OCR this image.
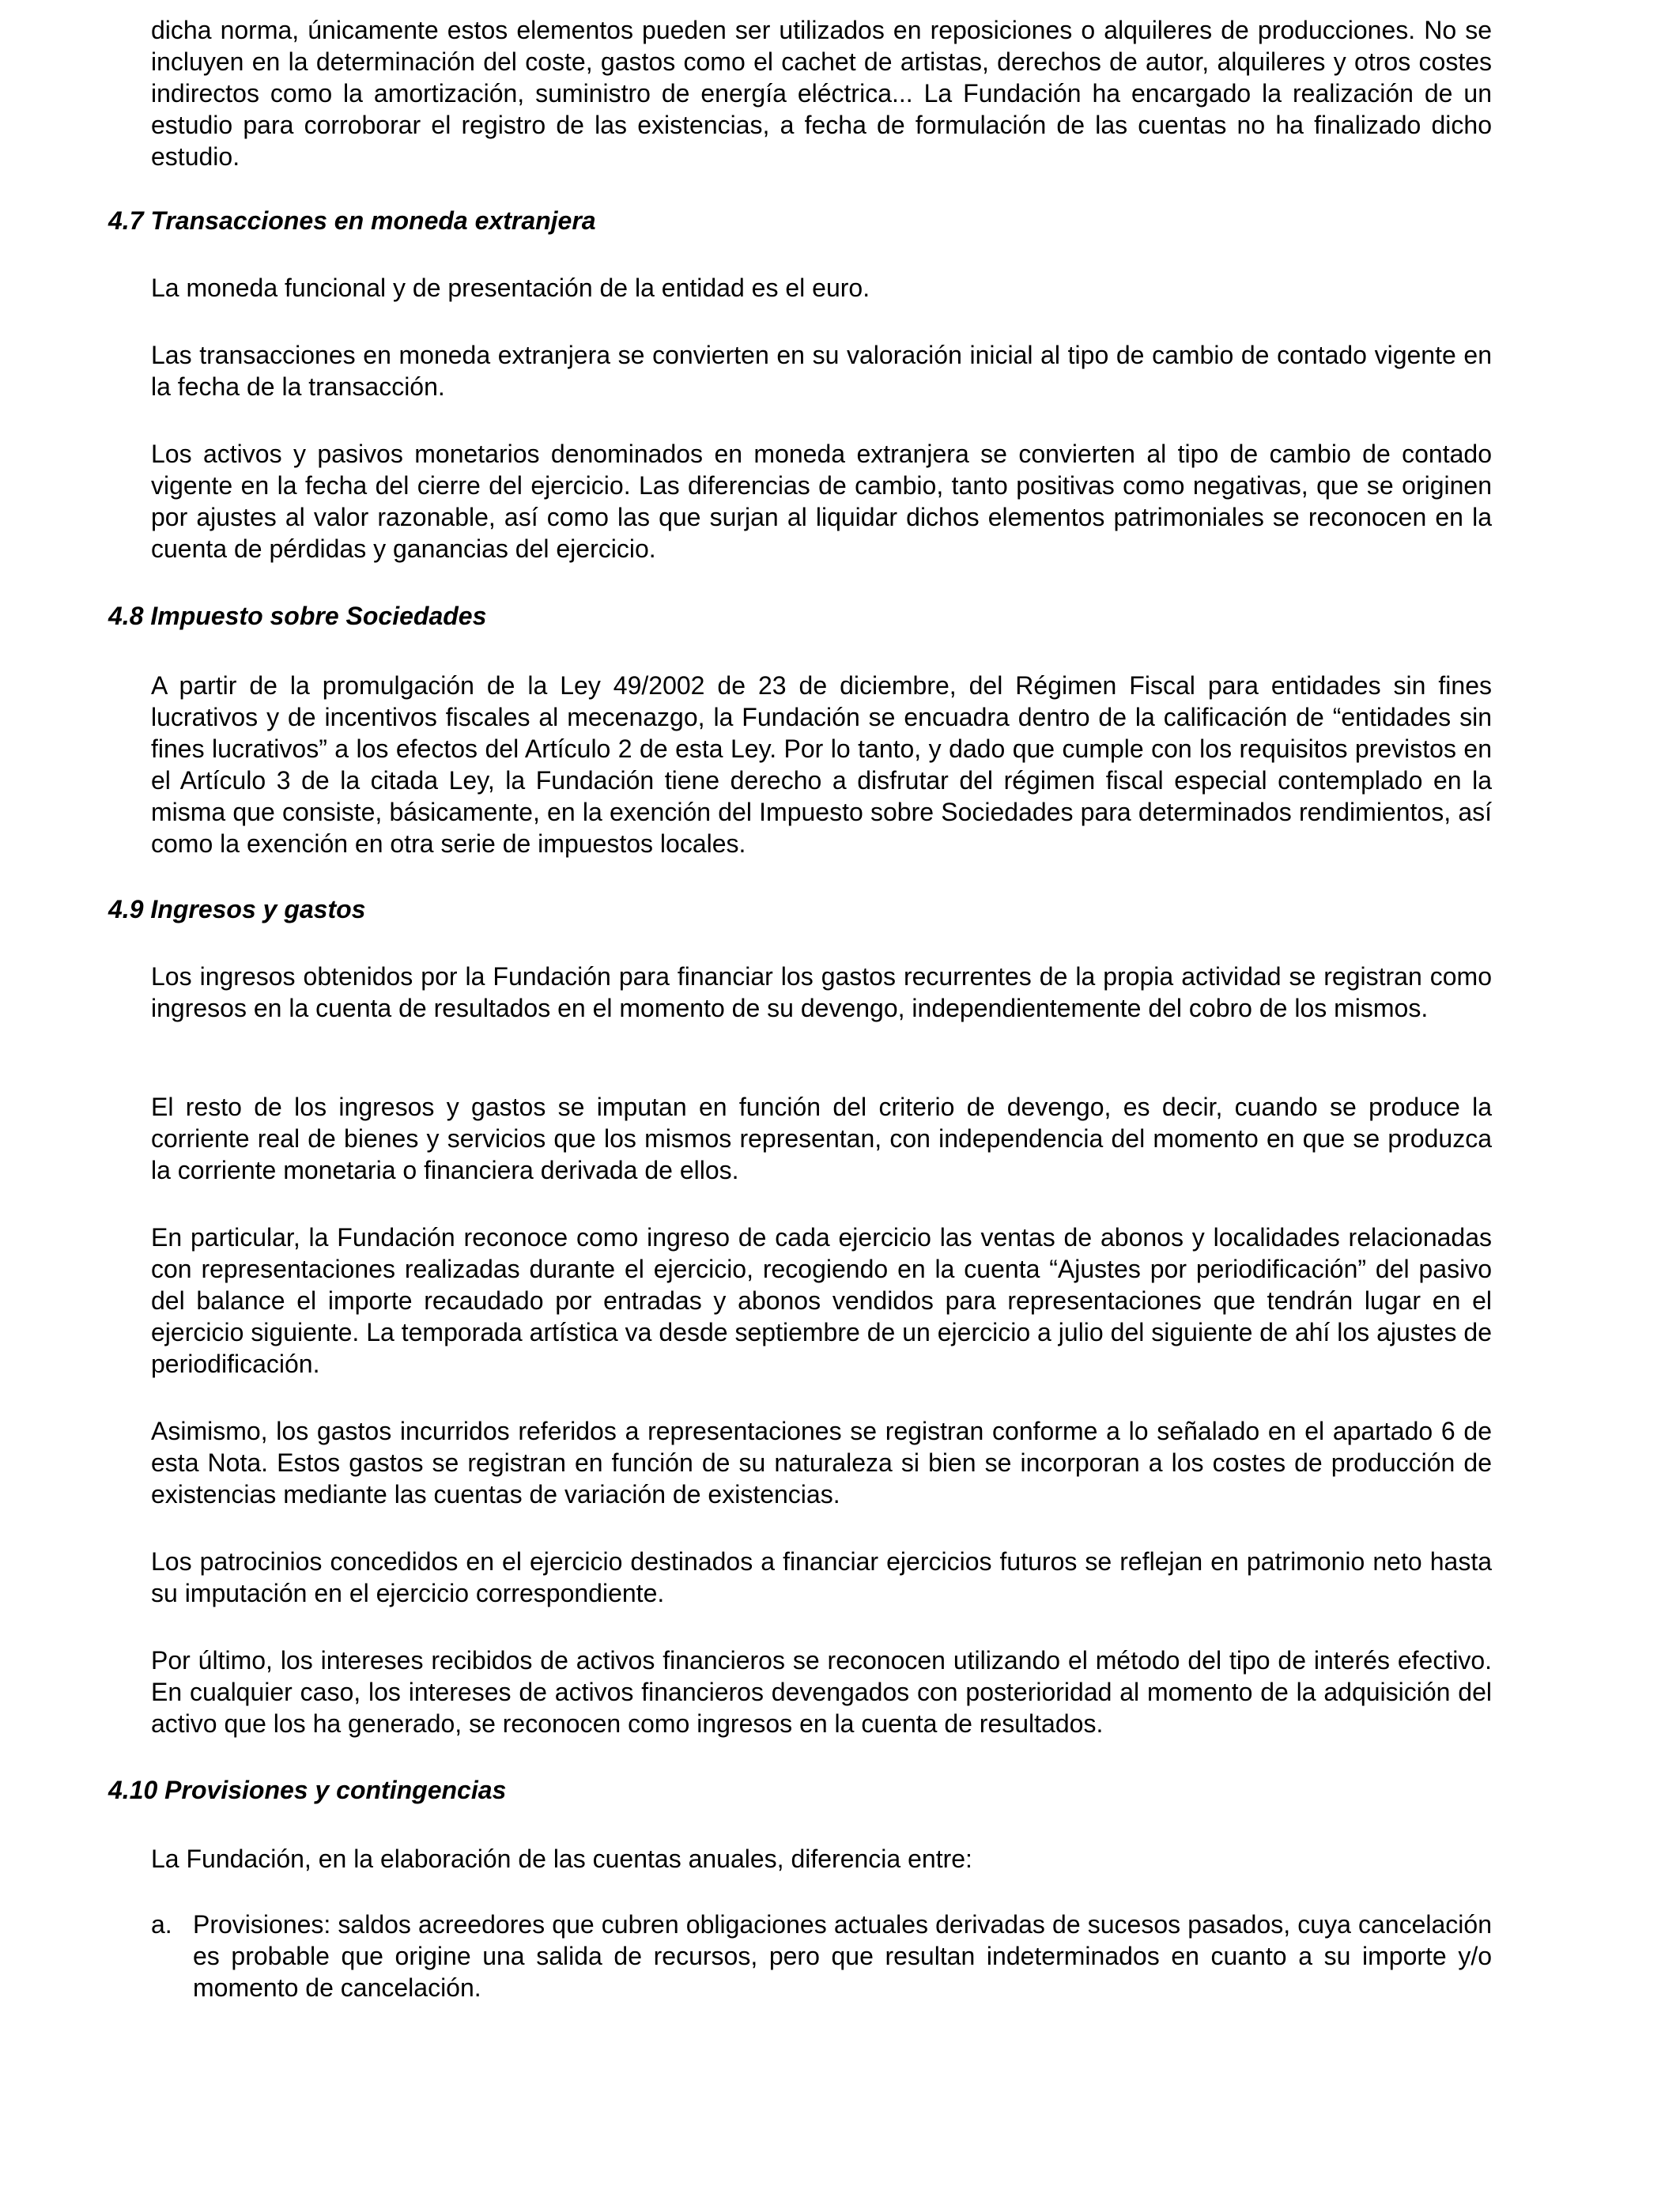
dicha norma, únicamente estos elementos pueden ser utilizados en reposiciones o alquileres de producciones. No se incluyen en la determinación del coste, gastos como el cachet de artistas, derechos de autor, alquileres y otros costes indirectos como la amortización, suministro de energía eléctrica... La Fundación ha encargado la realización de un estudio para corroborar el registro de las existencias, a fecha de formulación de las cuentas no ha finalizado dicho estudio.

4.7 Transacciones en moneda extranjera

La moneda funcional y de presentación de la entidad es el euro.

Las transacciones en moneda extranjera se convierten en su valoración inicial al tipo de cambio de contado vigente en la fecha de la transacción.

Los activos y pasivos monetarios denominados en moneda extranjera se convierten al tipo de cambio de contado vigente en la fecha del cierre del ejercicio. Las diferencias de cambio, tanto positivas como negativas, que se originen por ajustes al valor razonable, así como las que surjan al liquidar dichos elementos patrimoniales se reconocen en la cuenta de pérdidas y ganancias del ejercicio.

4.8 Impuesto sobre Sociedades

A partir de la promulgación de la Ley 49/2002 de 23 de diciembre, del Régimen Fiscal para entidades sin fines lucrativos y de incentivos fiscales al mecenazgo, la Fundación se encuadra dentro de la calificación de “entidades sin fines lucrativos” a los efectos del Artículo 2 de esta Ley. Por lo tanto, y dado que cumple con los requisitos previstos en el Artículo 3 de la citada Ley, la Fundación tiene derecho a disfrutar del régimen fiscal especial contemplado en la misma que consiste, básicamente, en la exención del Impuesto sobre Sociedades para determinados rendimientos, así como la exención en otra serie de impuestos locales.

4.9 Ingresos y gastos

Los ingresos obtenidos por la Fundación para financiar los gastos recurrentes de la propia actividad se registran como ingresos en la cuenta de resultados en el momento de su devengo, independientemente del cobro de los mismos.

El resto de los ingresos y gastos se imputan en función del criterio de devengo, es decir, cuando se produce la corriente real de bienes y servicios que los mismos representan, con independencia del momento en que se produzca la corriente monetaria o financiera derivada de ellos.

En particular, la Fundación reconoce como ingreso de cada ejercicio las ventas de abonos y localidades relacionadas con representaciones realizadas durante el ejercicio, recogiendo en la cuenta “Ajustes por periodificación” del pasivo del balance el importe recaudado por entradas y abonos vendidos para representaciones que tendrán lugar en el ejercicio siguiente. La temporada artística va desde septiembre de un ejercicio a julio del siguiente de ahí los ajustes de periodificación.

Asimismo, los gastos incurridos referidos a representaciones se registran conforme a lo señalado en el apartado 6 de esta Nota. Estos gastos se registran en función de su naturaleza si bien se incorporan a los costes de producción de existencias mediante las cuentas de variación de existencias.

Los patrocinios concedidos en el ejercicio destinados a financiar ejercicios futuros se reflejan en patrimonio neto hasta su imputación en el ejercicio correspondiente.

Por último, los intereses recibidos de activos financieros se reconocen utilizando el método del tipo de interés efectivo. En cualquier caso, los intereses de activos financieros devengados con posterioridad al momento de la adquisición del activo que los ha generado, se reconocen como ingresos en la cuenta de resultados.

4.10 Provisiones y contingencias

La Fundación, en la elaboración de las cuentas anuales, diferencia entre:

a. Provisiones: saldos acreedores que cubren obligaciones actuales derivadas de sucesos pasados, cuya cancelación es probable que origine una salida de recursos, pero que resultan indeterminados en cuanto a su importe y/o momento de cancelación.
